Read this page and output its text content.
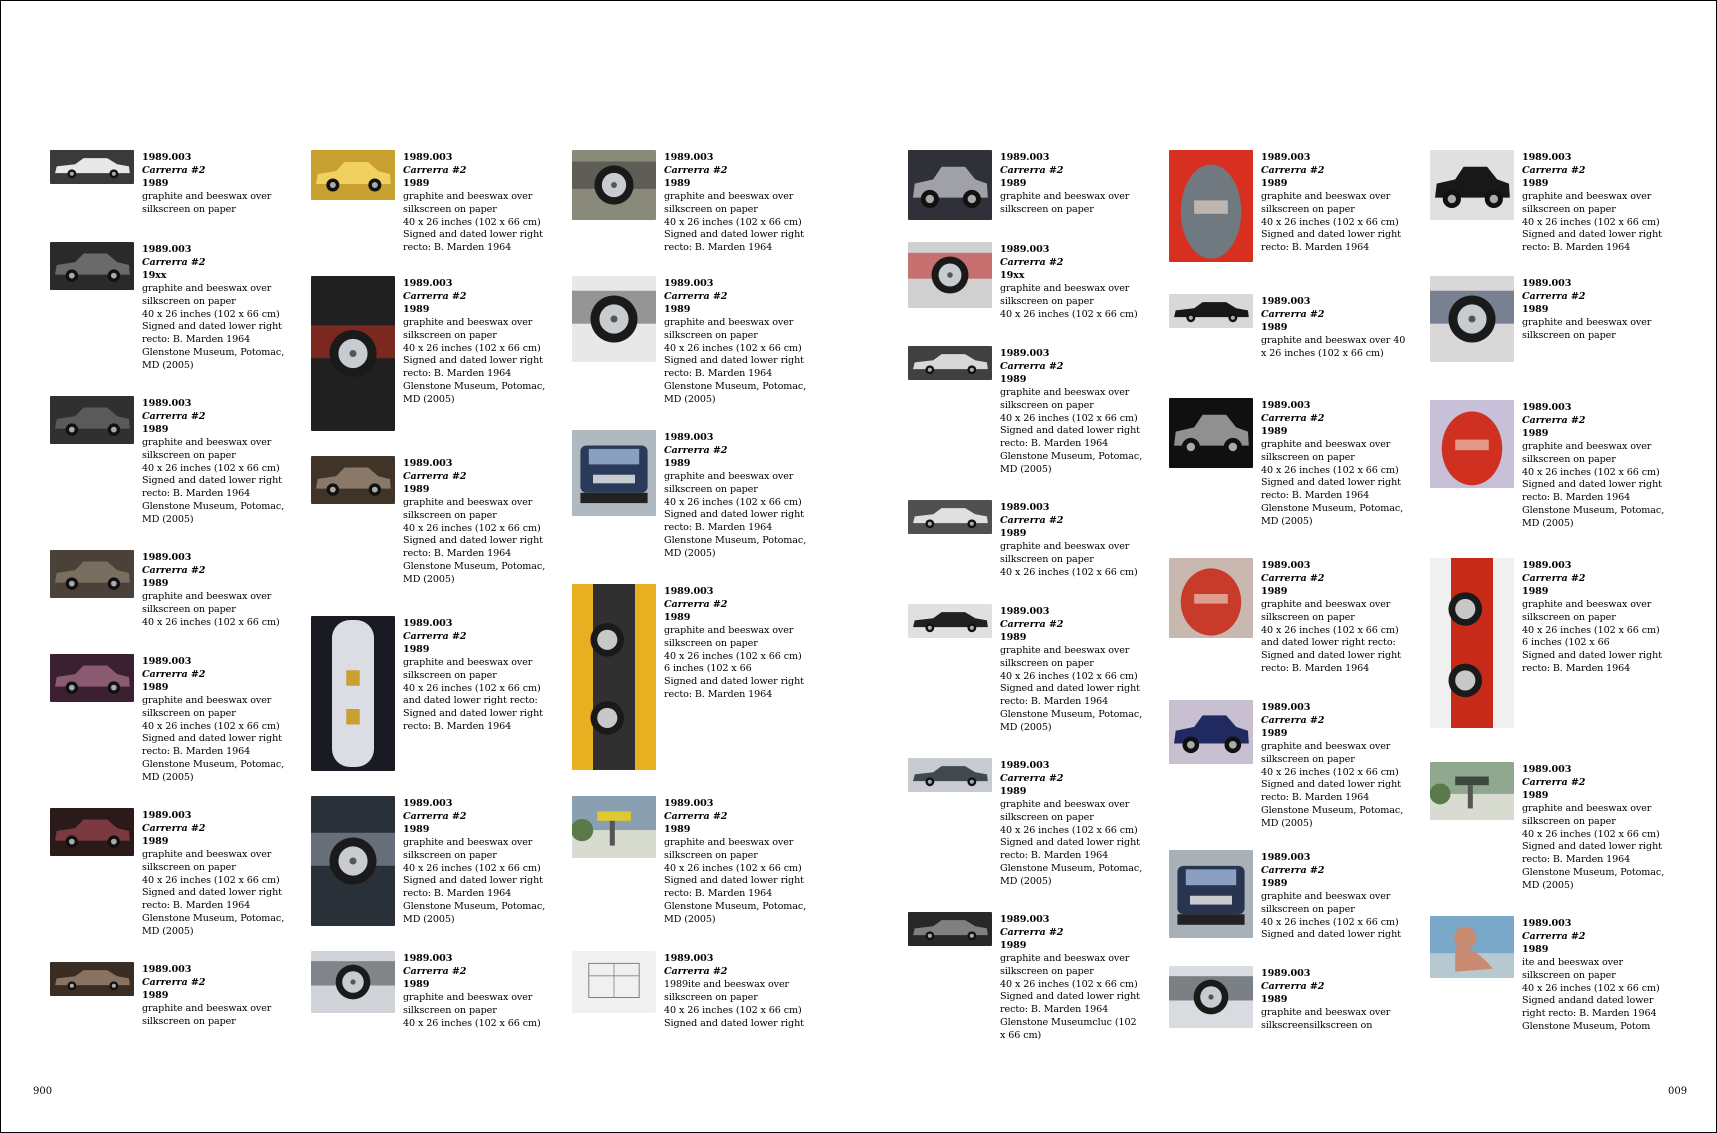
1989.003
Carrerra #2
1989
graphite and beeswax over
silkscreen on paper
1989.003
Carrerra #2
19xx
graphite and beeswax over
silkscreen on paper
40 x 26 inches (102 x 66 cm)
Signed and dated lower right
recto: B. Marden 1964
Glenstone Museum, Potomac,
MD (2005)
1989.003
Carrerra #2
1989
graphite and beeswax over
silkscreen on paper
40 x 26 inches (102 x 66 cm)
Signed and dated lower right
recto: B. Marden 1964
Glenstone Museum, Potomac,
MD (2005)
1989.003
Carrerra #2
1989
graphite and beeswax over
silkscreen on paper
40 x 26 inches (102 x 66 cm)
1989.003
Carrerra #2
1989
graphite and beeswax over
silkscreen on paper
40 x 26 inches (102 x 66 cm)
Signed and dated lower right
recto: B. Marden 1964
Glenstone Museum, Potomac,
MD (2005)
1989.003
Carrerra #2
1989
graphite and beeswax over
silkscreen on paper
40 x 26 inches (102 x 66 cm)
Signed and dated lower right
recto: B. Marden 1964
Glenstone Museum, Potomac,
MD (2005)
1989.003
Carrerra #2
1989
graphite and beeswax over
silkscreen on paper
1989.003
Carrerra #2
1989
graphite and beeswax over
silkscreen on paper
40 x 26 inches (102 x 66 cm)
Signed and dated lower right
recto: B. Marden 1964
1989.003
Carrerra #2
1989
graphite and beeswax over
silkscreen on paper
40 x 26 inches (102 x 66 cm)
Signed and dated lower right
recto: B. Marden 1964
Glenstone Museum, Potomac,
MD (2005)
1989.003
Carrerra #2
1989
graphite and beeswax over
silkscreen on paper
40 x 26 inches (102 x 66 cm)
Signed and dated lower right
recto: B. Marden 1964
Glenstone Museum, Potomac,
MD (2005)
1989.003
Carrerra #2
1989
graphite and beeswax over
silkscreen on paper
40 x 26 inches (102 x 66 cm)
and dated lower right recto:
Signed and dated lower right
recto: B. Marden 1964
1989.003
Carrerra #2
1989
graphite and beeswax over
silkscreen on paper
40 x 26 inches (102 x 66 cm)
Signed and dated lower right
recto: B. Marden 1964
Glenstone Museum, Potomac,
MD (2005)
1989.003
Carrerra #2
1989
graphite and beeswax over
silkscreen on paper
40 x 26 inches (102 x 66 cm)
1989.003
Carrerra #2
1989
graphite and beeswax over
silkscreen on paper
40 x 26 inches (102 x 66 cm)
Signed and dated lower right
recto: B. Marden 1964
1989.003
Carrerra #2
1989
graphite and beeswax over
silkscreen on paper
40 x 26 inches (102 x 66 cm)
Signed and dated lower right
recto: B. Marden 1964
Glenstone Museum, Potomac,
MD (2005)
1989.003
Carrerra #2
1989
graphite and beeswax over
silkscreen on paper
40 x 26 inches (102 x 66 cm)
Signed and dated lower right
recto: B. Marden 1964
Glenstone Museum, Potomac,
MD (2005)
1989.003
Carrerra #2
1989
graphite and beeswax over
silkscreen on paper
40 x 26 inches (102 x 66 cm)
6 inches (102 x 66
Signed and dated lower right
recto: B. Marden 1964
1989.003
Carrerra #2
1989
graphite and beeswax over
silkscreen on paper
40 x 26 inches (102 x 66 cm)
Signed and dated lower right
recto: B. Marden 1964
Glenstone Museum, Potomac,
MD (2005)
1989.003
Carrerra #2
1989ite and beeswax over
silkscreen on paper
40 x 26 inches (102 x 66 cm)
Signed and dated lower right
1989.003
Carrerra #2
1989
graphite and beeswax over
silkscreen on paper
1989.003
Carrerra #2
19xx
graphite and beeswax over
silkscreen on paper
40 x 26 inches (102 x 66 cm)
1989.003
Carrerra #2
1989
graphite and beeswax over
silkscreen on paper
40 x 26 inches (102 x 66 cm)
Signed and dated lower right
recto: B. Marden 1964
Glenstone Museum, Potomac,
MD (2005)
1989.003
Carrerra #2
1989
graphite and beeswax over
silkscreen on paper
40 x 26 inches (102 x 66 cm)
1989.003
Carrerra #2
1989
graphite and beeswax over
silkscreen on paper
40 x 26 inches (102 x 66 cm)
Signed and dated lower right
recto: B. Marden 1964
Glenstone Museum, Potomac,
MD (2005)
1989.003
Carrerra #2
1989
graphite and beeswax over
silkscreen on paper
40 x 26 inches (102 x 66 cm)
Signed and dated lower right
recto: B. Marden 1964
Glenstone Museum, Potomac,
MD (2005)
1989.003
Carrerra #2
1989
graphite and beeswax over
silkscreen on paper
40 x 26 inches (102 x 66 cm)
Signed and dated lower right
recto: B. Marden 1964
Glenstone Museumcluc (102
x 66 cm)
1989.003
Carrerra #2
1989
graphite and beeswax over
silkscreen on paper
40 x 26 inches (102 x 66 cm)
Signed and dated lower right
recto: B. Marden 1964
1989.003
Carrerra #2
1989
graphite and beeswax over 40
x 26 inches (102 x 66 cm)
1989.003
Carrerra #2
1989
graphite and beeswax over
silkscreen on paper
40 x 26 inches (102 x 66 cm)
Signed and dated lower right
recto: B. Marden 1964
Glenstone Museum, Potomac,
MD (2005)
1989.003
Carrerra #2
1989
graphite and beeswax over
silkscreen on paper
40 x 26 inches (102 x 66 cm)
and dated lower right recto:
Signed and dated lower right
recto: B. Marden 1964
1989.003
Carrerra #2
1989
graphite and beeswax over
silkscreen on paper
40 x 26 inches (102 x 66 cm)
Signed and dated lower right
recto: B. Marden 1964
Glenstone Museum, Potomac,
MD (2005)
1989.003
Carrerra #2
1989
graphite and beeswax over
silkscreen on paper
40 x 26 inches (102 x 66 cm)
Signed and dated lower right
1989.003
Carrerra #2
1989
graphite and beeswax over
silkscreensilkscreen on
1989.003
Carrerra #2
1989
graphite and beeswax over
silkscreen on paper
40 x 26 inches (102 x 66 cm)
Signed and dated lower right
recto: B. Marden 1964
1989.003
Carrerra #2
1989
graphite and beeswax over
silkscreen on paper
1989.003
Carrerra #2
1989
graphite and beeswax over
silkscreen on paper
40 x 26 inches (102 x 66 cm)
Signed and dated lower right
recto: B. Marden 1964
Glenstone Museum, Potomac,
MD (2005)
1989.003
Carrerra #2
1989
graphite and beeswax over
silkscreen on paper
40 x 26 inches (102 x 66 cm)
6 inches (102 x 66
Signed and dated lower right
recto: B. Marden 1964
1989.003
Carrerra #2
1989
graphite and beeswax over
silkscreen on paper
40 x 26 inches (102 x 66 cm)
Signed and dated lower right
recto: B. Marden 1964
Glenstone Museum, Potomac,
MD (2005)
1989.003
Carrerra #2
1989
ite and beeswax over
silkscreen on paper
40 x 26 inches (102 x 66 cm)
Signed andand dated lower
right recto: B. Marden 1964
Glenstone Museum, Potom
900	009
